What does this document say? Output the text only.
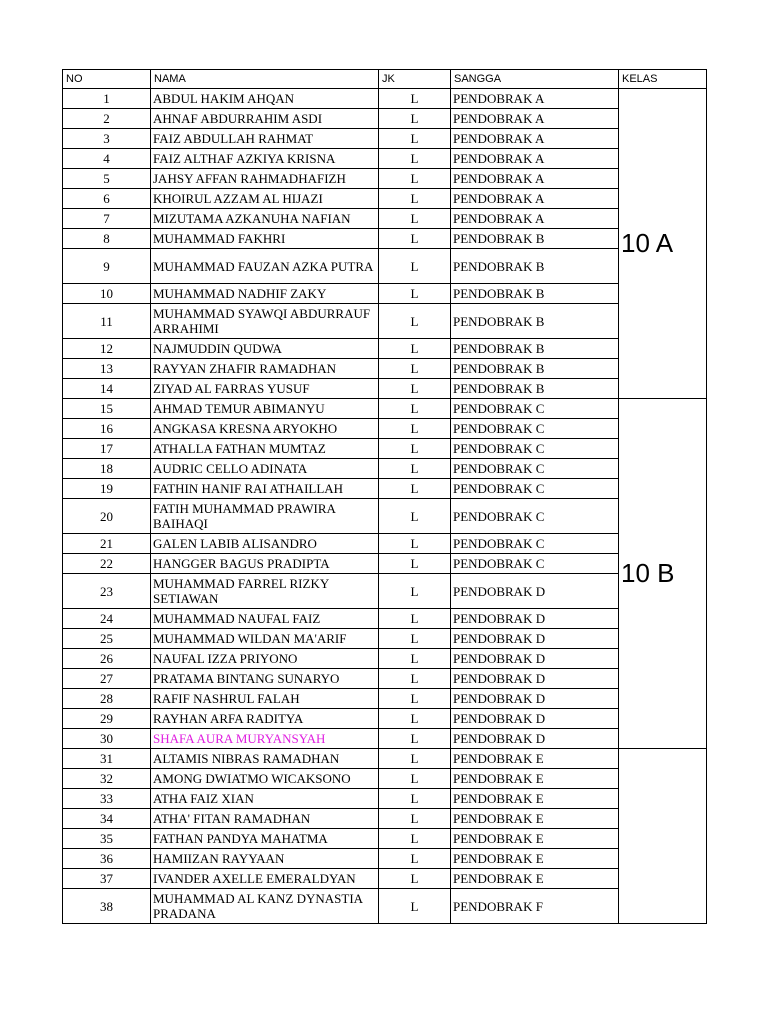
NO	NAMA	JK	SANGGA	KELAS
1	ABDUL HAKIM AHQAN	L	PENDOBRAK A	10 A
2	AHNAF ABDURRAHIM ASDI	L	PENDOBRAK A	
3	FAIZ ABDULLAH RAHMAT	L	PENDOBRAK A	
4	FAIZ ALTHAF AZKIYA KRISNA	L	PENDOBRAK A	
5	JAHSY AFFAN RAHMADHAFIZH	L	PENDOBRAK A	
6	KHOIRUL AZZAM AL HIJAZI	L	PENDOBRAK A	
7	MIZUTAMA AZKANUHA NAFIAN	L	PENDOBRAK A	
8	MUHAMMAD FAKHRI	L	PENDOBRAK B	
9	MUHAMMAD FAUZAN AZKA PUTRA	L	PENDOBRAK B	
10	MUHAMMAD NADHIF ZAKY	L	PENDOBRAK B	
11	MUHAMMAD SYAWQI ABDURRAUF ARRAHIMI	L	PENDOBRAK B	
12	NAJMUDDIN QUDWA	L	PENDOBRAK B	
13	RAYYAN ZHAFIR RAMADHAN	L	PENDOBRAK B	
14	ZIYAD AL FARRAS YUSUF	L	PENDOBRAK B	
15	AHMAD TEMUR ABIMANYU	L	PENDOBRAK C	10 B
16	ANGKASA KRESNA ARYOKHO	L	PENDOBRAK C	
17	ATHALLA FATHAN MUMTAZ	L	PENDOBRAK C	
18	AUDRIC CELLO ADINATA	L	PENDOBRAK C	
19	FATHIN HANIF RAI ATHAILLAH	L	PENDOBRAK C	
20	FATIH MUHAMMAD PRAWIRA BAIHAQI	L	PENDOBRAK C	
21	GALEN LABIB ALISANDRO	L	PENDOBRAK C	
22	HANGGER BAGUS PRADIPTA	L	PENDOBRAK C	
23	MUHAMMAD FARREL RIZKY SETIAWAN	L	PENDOBRAK D	
24	MUHAMMAD NAUFAL FAIZ	L	PENDOBRAK D	
25	MUHAMMAD WILDAN MA'ARIF	L	PENDOBRAK D	
26	NAUFAL IZZA PRIYONO	L	PENDOBRAK D	
27	PRATAMA BINTANG SUNARYO	L	PENDOBRAK D	
28	RAFIF NASHRUL FALAH	L	PENDOBRAK D	
29	RAYHAN ARFA RADITYA	L	PENDOBRAK D	
30	SHAFA AURA MURYANSYAH	L	PENDOBRAK D	
31	ALTAMIS NIBRAS RAMADHAN	L	PENDOBRAK E	
32	AMONG DWIATMO WICAKSONO	L	PENDOBRAK E	
33	ATHA FAIZ XIAN	L	PENDOBRAK E	
34	ATHA' FITAN RAMADHAN	L	PENDOBRAK E	
35	FATHAN PANDYA MAHATMA	L	PENDOBRAK E	
36	HAMIIZAN RAYYAAN	L	PENDOBRAK E	
37	IVANDER AXELLE EMERALDYAN	L	PENDOBRAK E	
38	MUHAMMAD AL KANZ DYNASTIA PRADANA	L	PENDOBRAK F	
